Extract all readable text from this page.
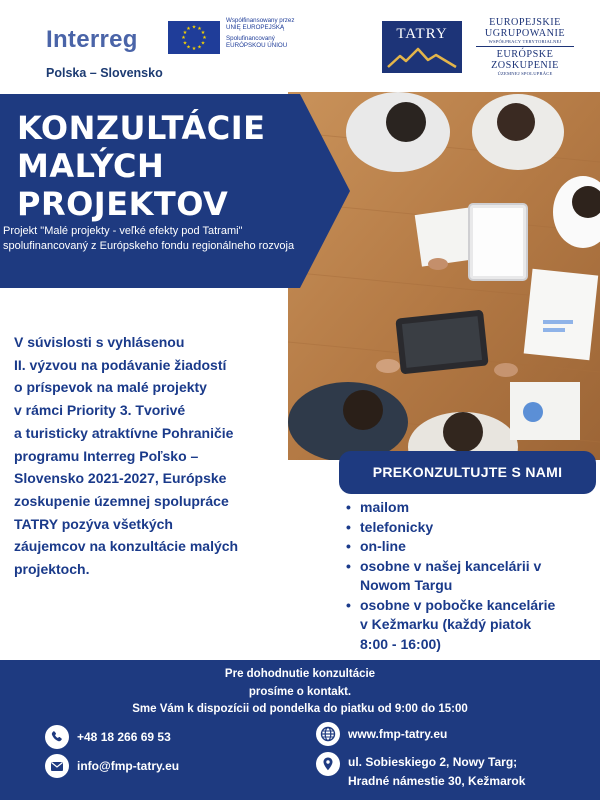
Interreg	★ ★
★
★
★
★
★
★
★
★
★
★
Współfinansowany przez
UNIĘ EUROPEJSKĄ
Spolufinancovaný
EURÓPSKOU ÚNIOU
Polska – Slovensko
TATRY
EUROPEJSKIE
UGRUPOWANIE
WSPÓŁPRACY TERYTORIALNEJ
EURÓPSKE
ZOSKUPENIE
ÚZEMNEJ SPOLUPRÁCE
KONZULTÁCIE
MALÝCH
PROJEKTOV
Projekt "Malé projekty - veľké efekty pod Tatrami" spolufinancovaný z Európskeho fondu regionálneho rozvoja
V súvislosti s vyhlásenou
II. výzvou na podávanie žiadostí
o príspevok na malé projekty
v rámci Priority 3. Tvorivé
a turisticky atraktívne Pohraničie
programu Interreg Poľsko –
Slovensko 2021-2027, Európske
zoskupenie územnej spolupráce
TATRY pozýva všetkých
záujemcov na konzultácie malých
projektoch.
PREKONZULTUJTE S NAMI
• mailom
• telefonicky
• on-line
• osobne v našej kancelárii v
Nowom Targu
• osobne v pobočke kancelárie
v Kežmarku (každý piatok
8:00 - 16:00)
Pre dohodnutie konzultácie
prosíme o kontakt.
Sme Vám k dispozícii od pondelka do piatku od 9:00 do 15:00
+48 18 266 69 53
info@fmp-tatry.eu
www.fmp-tatry.eu
ul. Sobieskiego 2, Nowy Targ;
Hradné námestie 30, Kežmarok
